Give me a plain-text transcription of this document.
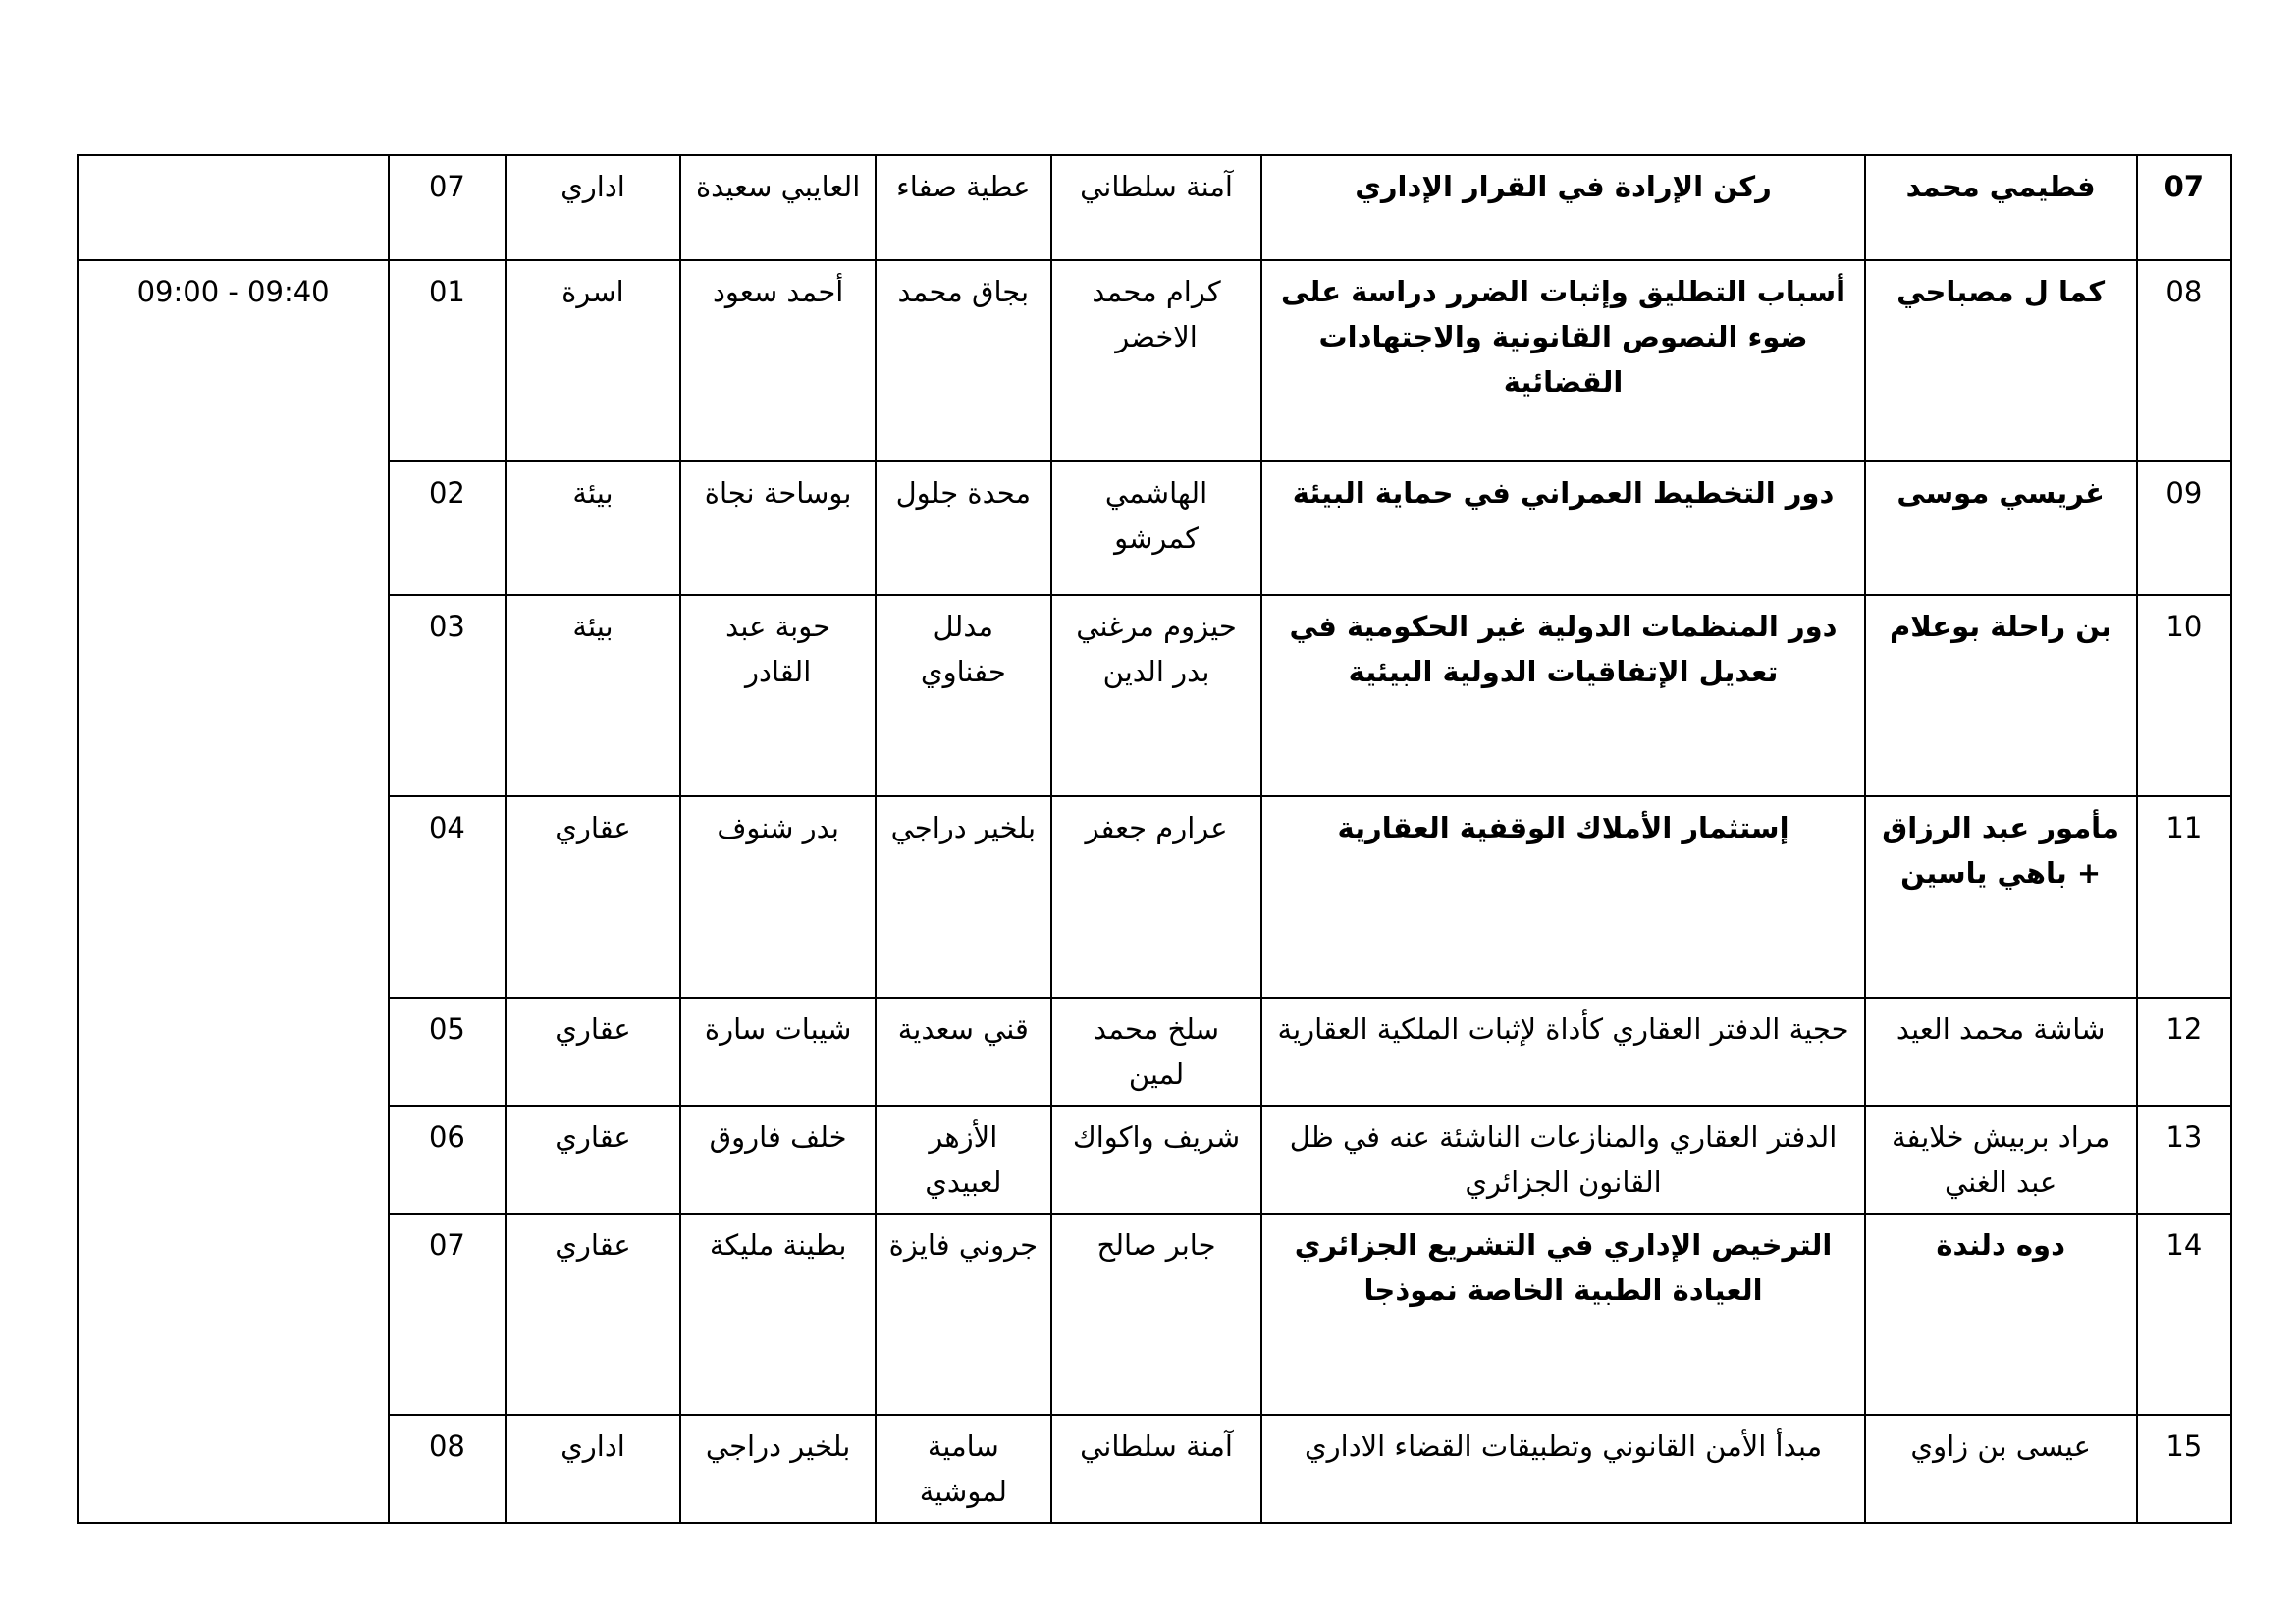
07	فطيمي محمد	ركن الإرادة في القرار الإداري	آمنة سلطاني	عطية صفاء	العايبي سعيدة	اداري	07	
08	كما ل مصباحي	أسباب التطليق وإثبات الضرر دراسة على ضوء النصوص القانونية والاجتهادات القضائية	كرام محمد الاخضر	بجاق محمد	أحمد سعود	اسرة	01	09:00 - 09:40
09	غريسي موسى	دور التخطيط العمراني في حماية البيئة	الهاشمي كمرشو	محدة جلول	بوساحة نجاة	بيئة	02	
10	بن راحلة بوعلام	دور المنظمات الدولية غير الحكومية في تعديل الإتفاقيات الدولية البيئية	حيزوم مرغني بدر الدين	مدلل حفناوي	حوبة عبد القادر	بيئة	03	
11	مأمور عبد الرزاق + باهي ياسين	إستثمار الأملاك الوقفية العقارية	عرارم جعفر	بلخير دراجي	بدر شنوف	عقاري	04	
12	شاشة محمد العيد	حجية الدفتر العقاري كأداة لإثبات الملكية العقارية	سلخ محمد لمين	قني سعدية	شيبات سارة	عقاري	05	
13	مراد بربيش خلايفة عبد الغني	الدفتر العقاري والمنازعات الناشئة عنه في ظل القانون الجزائري	شريف واكواك	الأزهر لعبيدي	خلف فاروق	عقاري	06	
14	دوه دلندة	الترخيص الإداري في التشريع الجزائري العيادة الطبية الخاصة نموذجا	جابر صالح	جروني فايزة	بطينة مليكة	عقاري	07	
15	عيسى بن زاوي	مبدأ الأمن القانوني وتطبيقات القضاء الاداري	آمنة سلطاني	سامية لموشية	بلخير دراجي	اداري	08	
